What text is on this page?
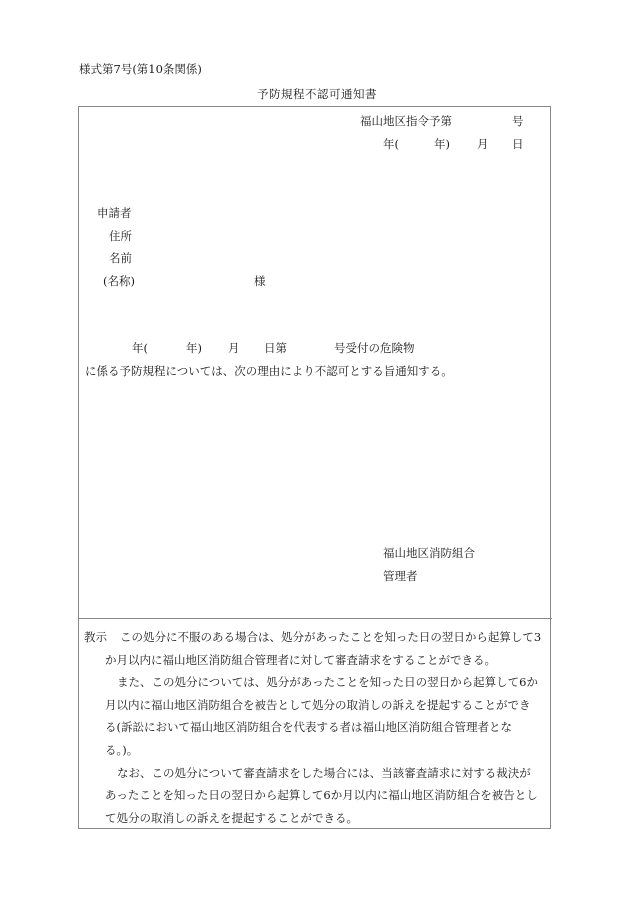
様式第7号(第10条関係)
予防規程不認可通知書
福山地区指令予第	号
年(	年) 月 日
申請者
住所
名前
(名称)	様
年(	年) 月 日第	号受付の危険物
に係る予防規程については、次の理由により不認可とする旨通知する。
福山地区消防組合
管理者
教示	この処分に不服のある場合は、処分があったことを知った日の翌日から起算して3

か月以内に福山地区消防組合管理者に対して審査請求をすることができる。

また、この処分については、処分があったことを知った日の翌日から起算して6か

月以内に福山地区消防組合を被告として処分の取消しの訴えを提起することができ

る(訴訟において福山地区消防組合を代表する者は福山地区消防組合管理者とな

る。)。

なお、この処分について審査請求をした場合には、当該審査請求に対する裁決が

あったことを知った日の翌日から起算して6か月以内に福山地区消防組合を被告とし

て処分の取消しの訴えを提起することができる。
